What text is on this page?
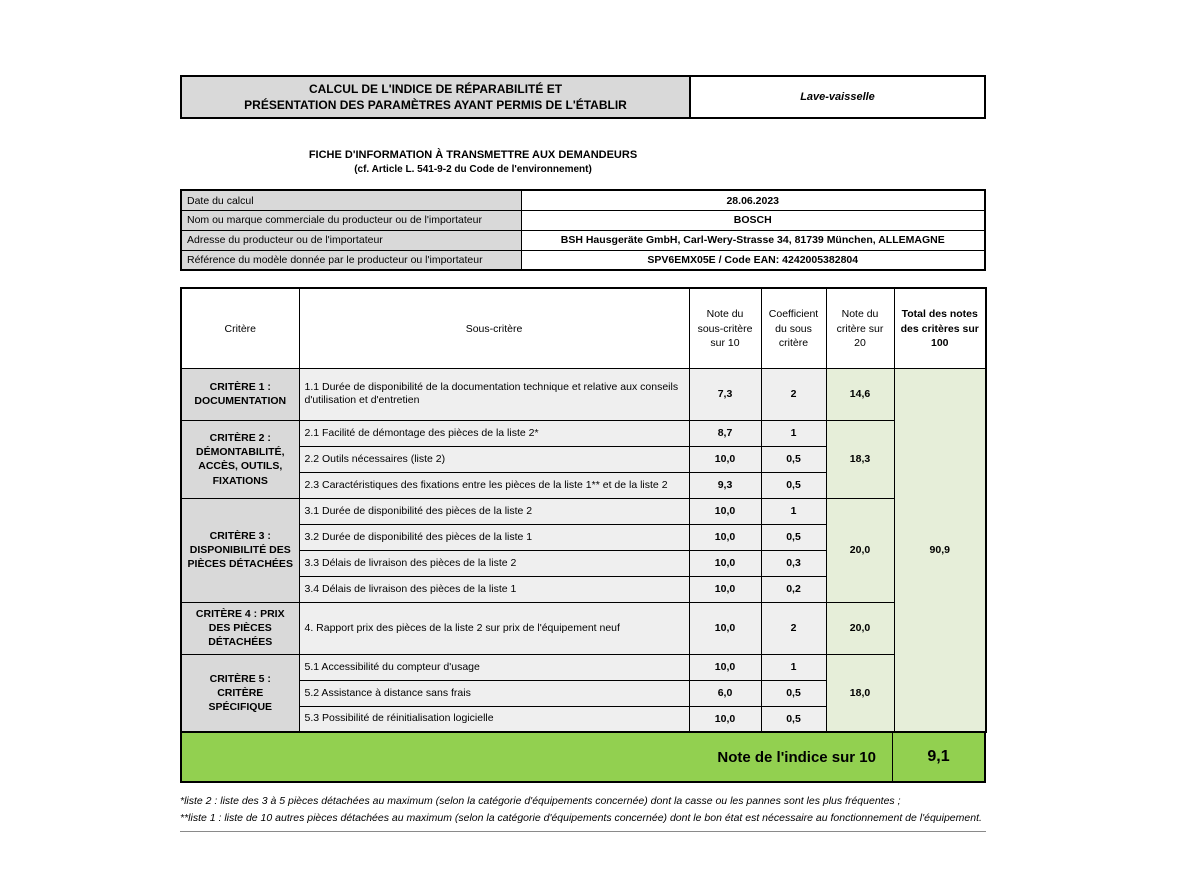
CALCUL DE L'INDICE DE RÉPARABILITÉ ET
PRÉSENTATION DES PARAMÈTRES AYANT PERMIS DE L'ÉTABLIR
Lave-vaisselle
FICHE D'INFORMATION À TRANSMETTRE AUX DEMANDEURS
(cf. Article L. 541-9-2 du Code de l'environnement)
Date du calcul	28.06.2023
Nom ou marque commerciale du producteur ou de l'importateur	BOSCH
Adresse du producteur ou de l'importateur	BSH Hausgeräte GmbH, Carl-Wery-Strasse 34, 81739 München, ALLEMAGNE
Référence du modèle donnée par le producteur ou l'importateur	SPV6EMX05E / Code EAN: 4242005382804
Critère	Sous-critère	Note du sous-critère sur 10	Coefficient du sous critère	Note du critère sur 20	Total des notes des critères sur 100
CRITÈRE 1 : DOCUMENTATION	1.1 Durée de disponibilité de la documentation technique et relative aux conseils d'utilisation et d'entretien	7,3	2	14,6	90,9
CRITÈRE 2 : DÉMONTABILITÉ, ACCÈS, OUTILS, FIXATIONS	2.1 Facilité de démontage des pièces de la liste 2*	8,7	1	18,3	
	2.2 Outils nécessaires (liste 2)	10,0	0,5		
	2.3 Caractéristiques des fixations entre les pièces de la liste 1** et de la liste 2	9,3	0,5		
CRITÈRE 3 : DISPONIBILITÉ DES PIÈCES DÉTACHÉES	3.1 Durée de disponibilité des pièces de la liste 2	10,0	1	20,0	
	3.2 Durée de disponibilité des pièces de la liste 1	10,0	0,5		
	3.3 Délais de livraison des pièces de la liste 2	10,0	0,3		
	3.4 Délais de livraison des pièces de la liste 1	10,0	0,2		
CRITÈRE 4 : PRIX DES PIÈCES DÉTACHÉES	4. Rapport prix des pièces de la liste 2 sur prix de l'équipement neuf	10,0	2	20,0	
CRITÈRE 5 : CRITÈRE SPÉCIFIQUE	5.1 Accessibilité du compteur d'usage	10,0	1	18,0	
	5.2 Assistance à distance sans frais	6,0	0,5		
	5.3 Possibilité de réinitialisation logicielle	10,0	0,5		
Note de l'indice sur 10	9,1
*liste 2 : liste des 3 à 5 pièces détachées au maximum (selon la catégorie d'équipements concernée) dont la casse ou les pannes sont les plus fréquentes ;
**liste 1 : liste de 10 autres pièces détachées au maximum (selon la catégorie d'équipements concernée) dont le bon état est nécessaire au fonctionnement de l'équipement.
